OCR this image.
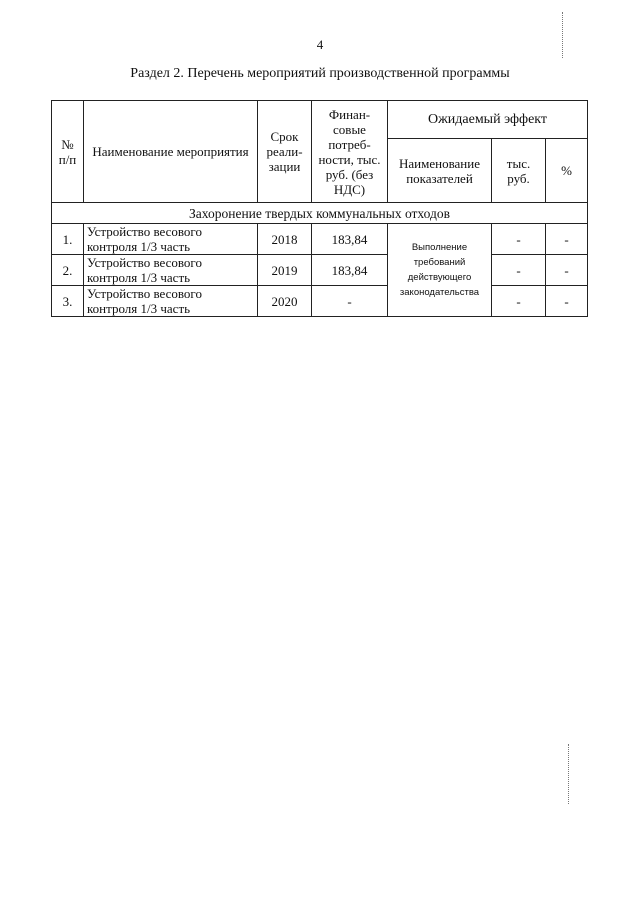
4
Раздел 2. Перечень мероприятий производственной программы
№ п/п	Наименование мероприятия	Срок реали-зации	Финан-совые потреб-ности, тыс. руб. (без НДС)	Ожидаемый эффект		
				Наименование показателей	тыс. руб.	%
Захоронение твердых коммунальных отходов						
1.	Устройство весового контроля 1/3 часть	2018	183,84	Выполнение требований действующего законодательства	-	-
2.	Устройство весового контроля 1/3 часть	2019	183,84		-	-
3.	Устройство весового контроля 1/3 часть	2020	-		-	-
